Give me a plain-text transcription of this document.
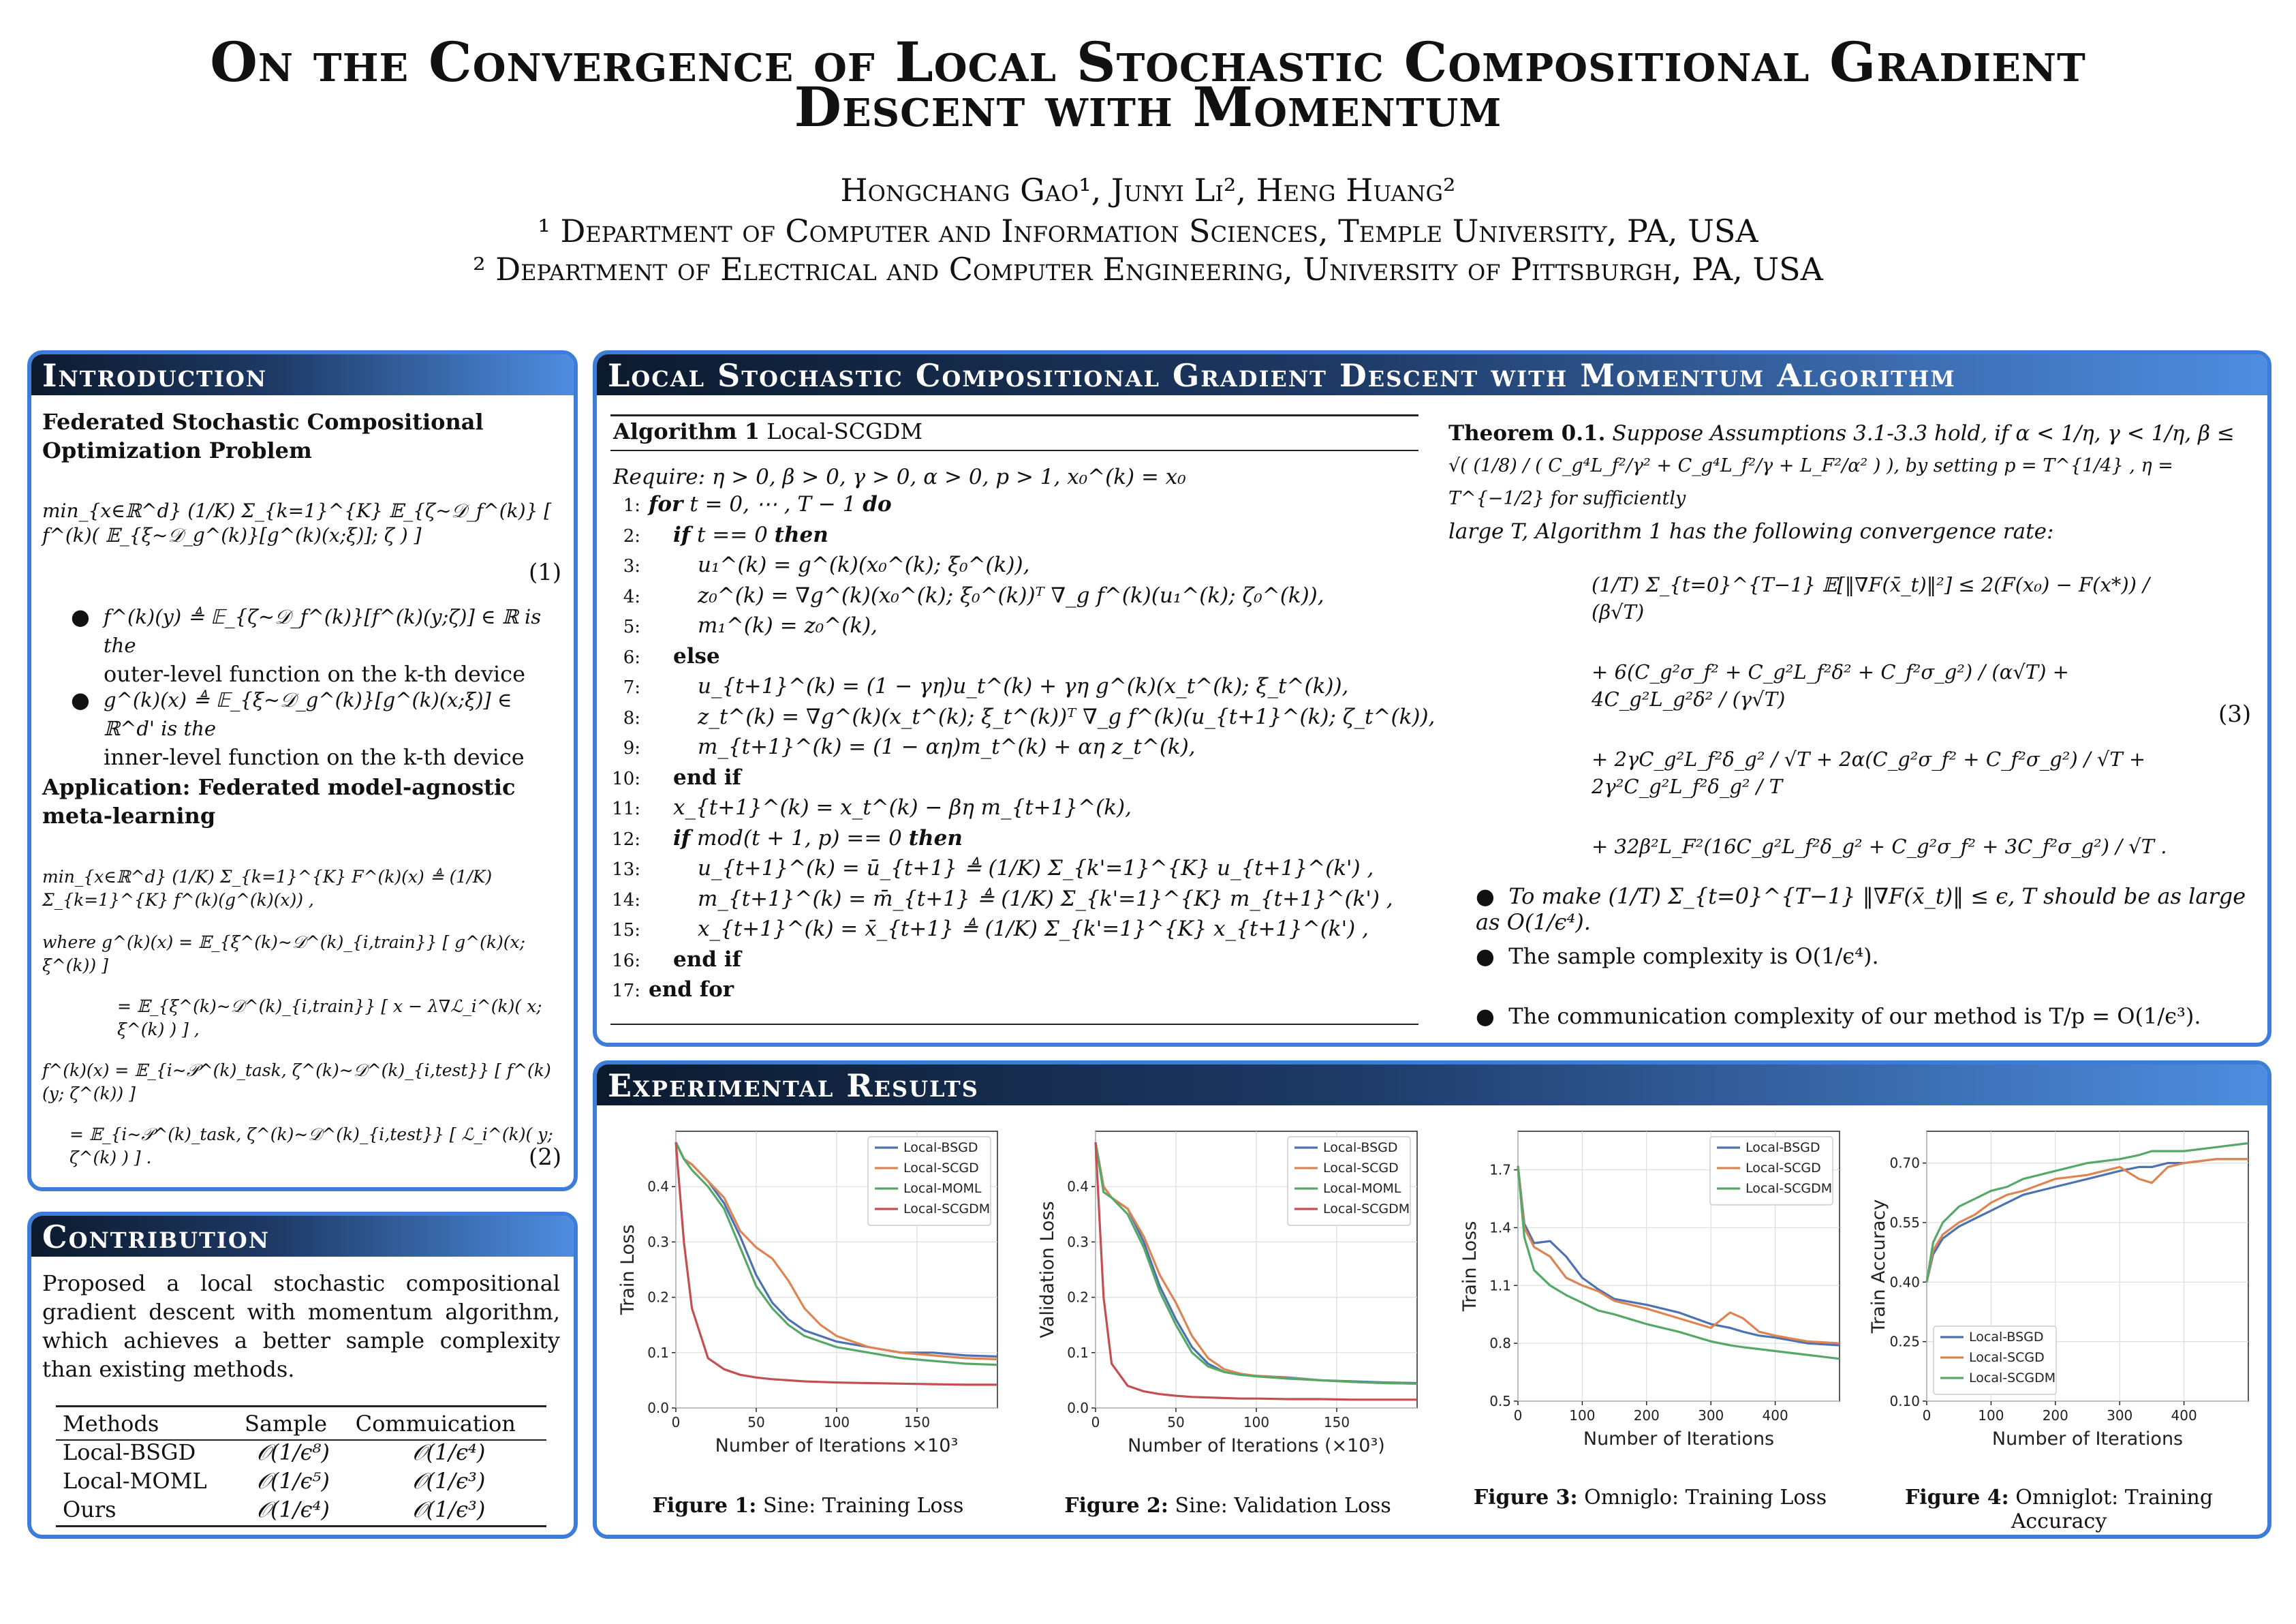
On the Convergence of Local Stochastic Compositional Gradient
Descent with Momentum
Hongchang Gao¹, Junyi Li², Heng Huang²
¹ Department of Computer and Information Sciences, Temple University, PA, USA
² Department of Electrical and Computer Engineering, University of Pittsburgh, PA, USA
Introduction
Federated Stochastic Compositional Optimization Problem
min_{x∈ℝ^d} (1/K) Σ_{k=1}^{K} 𝔼_{ζ∼𝒟_f^(k)} [ f^(k)( 𝔼_{ξ∼𝒟_g^(k)}[g^(k)(x;ξ)]; ζ ) ]
(1)
● f^(k)(y) ≜ 𝔼_{ζ∼𝒟_f^(k)}[f^(k)(y;ζ)] ∈ ℝ is the
outer-level function on the k-th device
● g^(k)(x) ≜ 𝔼_{ξ∼𝒟_g^(k)}[g^(k)(x;ξ)] ∈ ℝ^d' is the
inner-level function on the k-th device
Application: Federated model-agnostic meta-learning
min_{x∈ℝ^d} (1/K) Σ_{k=1}^{K} F^(k)(x) ≜ (1/K) Σ_{k=1}^{K} f^(k)(g^(k)(x)) ,
where g^(k)(x) = 𝔼_{ξ^(k)∼𝒟^(k)_{i,train}} [ g^(k)(x; ξ^(k)) ]
= 𝔼_{ξ^(k)∼𝒟^(k)_{i,train}} [ x − λ∇ℒ_i^(k)( x; ξ^(k) ) ] ,
f^(k)(x) = 𝔼_{i∼𝒫^(k)_task, ζ^(k)∼𝒟^(k)_{i,test}} [ f^(k)(y; ζ^(k)) ]
= 𝔼_{i∼𝒫^(k)_task, ζ^(k)∼𝒟^(k)_{i,test}} [ ℒ_i^(k)( y; ζ^(k) ) ] .	(2)
Contribution
Proposed a local stochastic compositional gradient descent with momentum algorithm, which achieves a better sample complexity than existing methods.
Methods	Sample	Commuication
Local-BSGD	𝒪(1/ϵ⁸)	𝒪(1/ϵ⁴)
Local-MOML	𝒪(1/ϵ⁵)	𝒪(1/ϵ³)
Ours	𝒪(1/ϵ⁴)	𝒪(1/ϵ³)
Local Stochastic Compositional Gradient Descent with Momentum Algorithm
Algorithm 1 Local-SCGDM
Require: η > 0, β > 0, γ > 0, α > 0, p > 1, x₀^(k) = x₀
1: for t = 0, ⋯ , T − 1 do
2: if t == 0 then
3:	u₁^(k) = g^(k)(x₀^(k); ξ₀^(k)),
4:	z₀^(k) = ∇g^(k)(x₀^(k); ξ₀^(k))ᵀ ∇_g f^(k)(u₁^(k); ζ₀^(k)),
5:	m₁^(k) = z₀^(k),
6: else
7:	u_{t+1}^(k) = (1 − γη)u_t^(k) + γη g^(k)(x_t^(k); ξ_t^(k)),
8:	z_t^(k) = ∇g^(k)(x_t^(k); ξ_t^(k))ᵀ ∇_g f^(k)(u_{t+1}^(k); ζ_t^(k)),
9:	m_{t+1}^(k) = (1 − αη)m_t^(k) + αη z_t^(k),
10: end if
11: x_{t+1}^(k) = x_t^(k) − βη m_{t+1}^(k),
12: if mod(t + 1, p) == 0 then
13:	u_{t+1}^(k) = ū_{t+1} ≜ (1/K) Σ_{k'=1}^{K} u_{t+1}^(k') ,
14:	m_{t+1}^(k) = m̄_{t+1} ≜ (1/K) Σ_{k'=1}^{K} m_{t+1}^(k') ,
15:	x_{t+1}^(k) = x̄_{t+1} ≜ (1/K) Σ_{k'=1}^{K} x_{t+1}^(k') ,
16: end if
17: end for
Theorem 0.1. Suppose Assumptions 3.1-3.3 hold, if α < 1/η, γ < 1/η, β ≤
√( (1/8) / ( C_g⁴L_f²/γ² + C_g⁴L_f²/γ + L_F²/α² ) ), by setting p = T^{1/4} , η = T^{−1/2} for sufficiently
large T, Algorithm 1 has the following convergence rate:
(1/T) Σ_{t=0}^{T−1} 𝔼[‖∇F(x̄_t)‖²] ≤ 2(F(x₀) − F(x*)) / (β√T)
+ 6(C_g²σ_f² + C_g²L_f²δ² + C_f²σ_g²) / (α√T) + 4C_g²L_g²δ² / (γ√T)
+ 2γC_g²L_f²δ_g² / √T + 2α(C_g²σ_f² + C_f²σ_g²) / √T + 2γ²C_g²L_f²δ_g² / T
+ 32β²L_F²(16C_g²L_f²δ_g² + C_g²σ_f² + 3C_f²σ_g²) / √T .
(3)
● To make (1/T) Σ_{t=0}^{T−1} ‖∇F(x̄_t)‖ ≤ ϵ, T should be as large as O(1/ϵ⁴).
● The sample complexity is O(1/ϵ⁴).
● The communication complexity of our method is T/p = O(1/ϵ³).
Experimental Results
0.0
0.1
0.2
0.3
0.4
0	50	100	150
Number of Iterations ×10³
Train Loss
Local-BSGD
Local-SCGD
Local-MOML
Local-SCGDM
0.0
0.1
0.2
0.3
0.4
0	50	100	150
Number of Iterations (×10³)
Validation Loss
Local-BSGD
Local-SCGD
Local-MOML
Local-SCGDM
0.5
0.8
1.1
1.4
1.7
0	100	200	300	400
Number of Iterations
Train Loss
Local-BSGD
Local-SCGD
Local-SCGDM
0.10
0.25
0.40
0.55
0.70
0	100	200	300	400
Number of Iterations
Train Accuracy
Local-BSGD
Local-SCGD
Local-SCGDM
Figure 1: Sine: Training Loss	Figure 2: Sine: Validation Loss	Figure 3: Omniglo: Training Loss	Figure 4: Omniglot: Training Accuracy
